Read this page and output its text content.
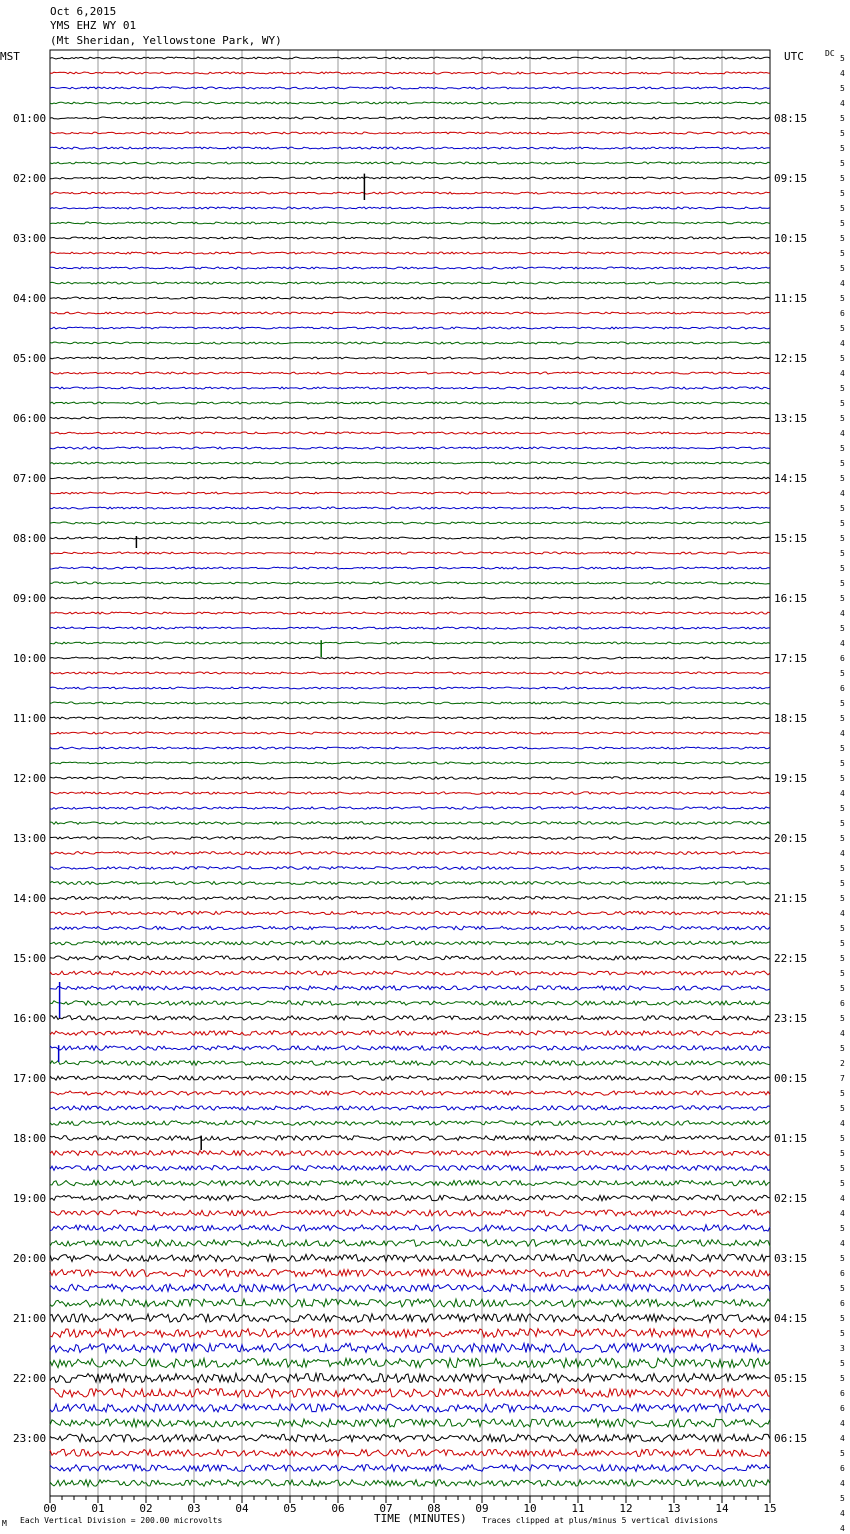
Oct 6,2015
YMS EHZ WY 01
(Mt Sheridan, Yellowstone Park, WY)
01:00
02:00
03:00
04:00
05:00
06:00
07:00
08:00
09:00
10:00
11:00
12:00
13:00
14:00
15:00
16:00
17:00
18:00
19:00
20:00
21:00
22:00
23:00
08:15
09:15
10:15
11:15
12:15
13:15
14:15
15:15
16:15
17:15
18:15
19:15
20:15
21:15
22:15
23:15
00:15
01:15
02:15
03:15
04:15
05:15
06:15
5
4
5
4
5
5
5
5
5
5
5
5
5
5
5
4
5
6
5
4
5
4
5
5
5
4
5
5
5
4
5
5
5
5
5
5
5
4
5
4
6
5
6
5
5
4
5
5
5
4
5
5
5
4
5
5
5
4
5
5
5
5
5
6
5
4
5
2
7
5
5
4
5
5
5
5
4
4
5
4
5
6
5
6
5
5
3
5
5
6
6
4
4
5
6
4
5
4
4
00	01	02	03	04	05	06	07	08	09	10	11	12	13	14	15
MST	UTC	DC
TIME (MINUTES)
Each Vertical Division = 200.00 microvolts	Traces clipped at plus/minus 5 vertical divisions
M
